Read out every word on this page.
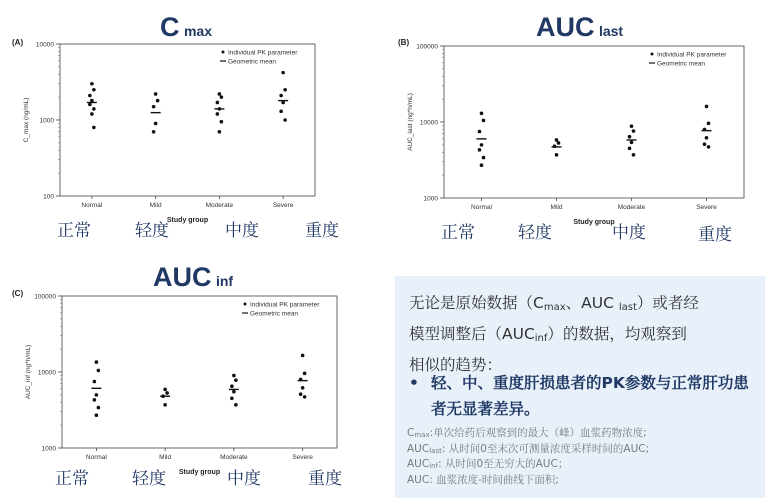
C max	AUC last
AUC inf
(A)	(B)
(C)
100
1000
10000
C_max (ng/mL)
Normal	Mild	Moderate	Severe
Study group
Individual PK parameter
Geometric mean
1000
10000
100000
AUC_last (ng*h/mL)
Normal	Mild	Moderate	Severe
Study group
Individual PK parameter
Geometric mean
1000
10000
100000
AUC_inf (ng*h/mL)
Normal	Mild	Moderate	Severe
Study group
Individual PK parameter
Geometric mean
正常	轻度	中度	重度	正常	轻度	中度	重度
正常	轻度	中度	重度
无论是原始数据（$C_{max}$、AUC $_{last}$）或者经
模型调整后$(AUC_{inf})$的数据，均观察到
相似的趋势：
• 轻、中、重度肝损患者的PK参数与正常肝功患者无显著差异。
$C_{max}$:单次给药后观察到的最大（峰）血浆药物浓度;
$AUC_{last}$: 从时间0至末次可测量浓度采样时间的AUC;
$AUC_{inf}$: 从时间0至无穷大的AUC；
AUC: 血浆浓度-时间曲线下面积;
